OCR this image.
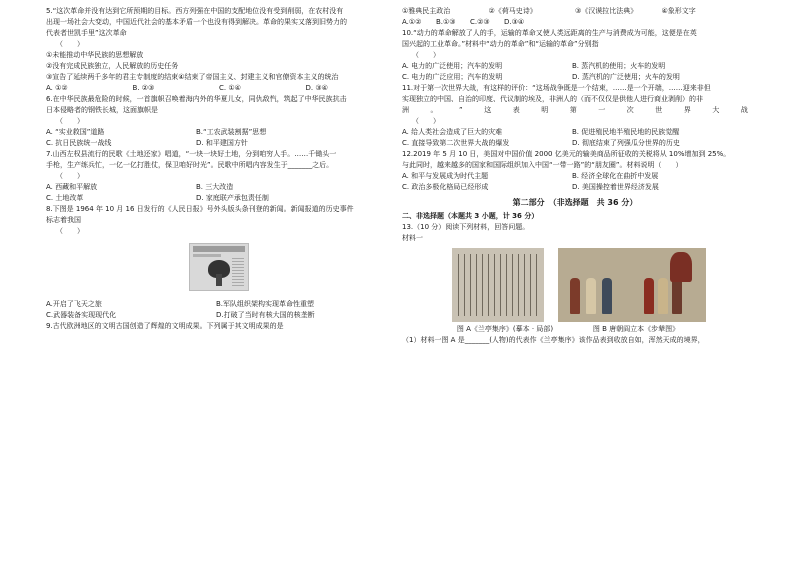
5.“这次革命并没有达到它所预期的目标。西方列强在中国的支配地位没有受到削弱，在农村没有
出现一场社会大变动，中国近代社会的基本矛盾一个也没有得到解决。革命的果实又落到旧势力的
代表者世凯手里”这次革命
（　　）
①未能推动中华民族的思想解放
②没有完成民族独立，人民解放的历史任务
③宣告了延续两千多年的君主专制度的结束④结束了帝国主义、封建主义和官僚资本主义的统治
A. ①②	B. ②③	C. ①④	D. ③④
6.在中华民族最危险的时候，一首旗帜召唤着海内外的华夏儿女，同仇敌忾，筑起了中华民族抗击
日本侵略者的钢铁长城，这面旗帜是
（　　）
A. “实业救国”道路	B.“工农武装割据”思想
C. 抗日民族统一战线	D. 和平建国方针
7.山西左权县流行的民歌《土地还家》唱道，“一块一块好土地，分到咱穷人手。……千锄头一
手枪，生产练兵忙，一亿一亿打胜仗，保卫咱好时光”。民歌中所唱内容发生于_______之后。
（　　）
A. 西藏和平解放	B. 三大改造
C. 土地改革	D. 家庭联产承包责任制
8.下图是 1964 年 10 月 16 日发行的《人民日报》号外头版头条刊登的新闻。新闻报道的历史事件
标志着我国
（　　）
A.开启了飞天之旅	B.军队组织架构实现革命性重塑
C.武器装备实现现代化	D.打破了当时有核大国的核垄断
9.古代欧洲地区的文明古国创造了辉煌的文明成果。下列属于其文明成果的是
①雅典民主政治	②《荷马史诗》	③《汉谟拉比法典》	④象形文字
A.①②	B.①③	C.②③	D.③④
10.“动力的革命解放了人的手，运输的革命又使人类远距离的生产与消费成为可能，这便是在英
国兴起的工业革命。”材料中“动力的革命”和“运输的革命”分别指
（　　）
A. 电力的广泛使用；汽车的发明	B. 蒸汽机的使用；火车的发明
C. 电力的广泛应用；汽车的发明	D. 蒸汽机的广泛使用；火车的发明
11.对于第一次世界大战，有这样的评价：“这场战争既是一个结束，……是一个开端，……迎来非但
实现独立的中国、自治的印度、代议制的埃及，非洲人的（而不仅仅是供他人进行商业剥削）的非
洲	。	”	这	表	明	第	一	次	世	界	大	战
（　　）
A. 给人类社会造成了巨大的灾难	B. 促进殖民地半殖民地的民族觉醒
C. 直接导致第二次世界大战的爆发	D. 彻底结束了列强瓜分世界的历史
12.2019 年 5 月 10 日，美国对中国价值 2000 亿美元的输美商品所征收的关税将从 10%增加到 25%。
与此同时，越来越多的国家和国际组织加入中国“一带一路”的“朋友圈”。材料说明（　　）
A. 和平与发展成为时代主题	B. 经济全球化在曲折中发展
C. 政治多极化格局已经形成	D. 美国操控着世界经济发展
第二部分　（非选择题　共 36 分）
二、非选择题（本题共 3 小题，计 36 分）
13.（10 分）阅读下列材料，回答问题。
材料一
图 A《兰亭集序》(摹本 · 局部)	图 B 唐朝阎立本《步辇图》
（1）材料一图 A 是_______(人物)的代表作《兰亭集序》该作品表到收放自如，浑然天成的境界，
